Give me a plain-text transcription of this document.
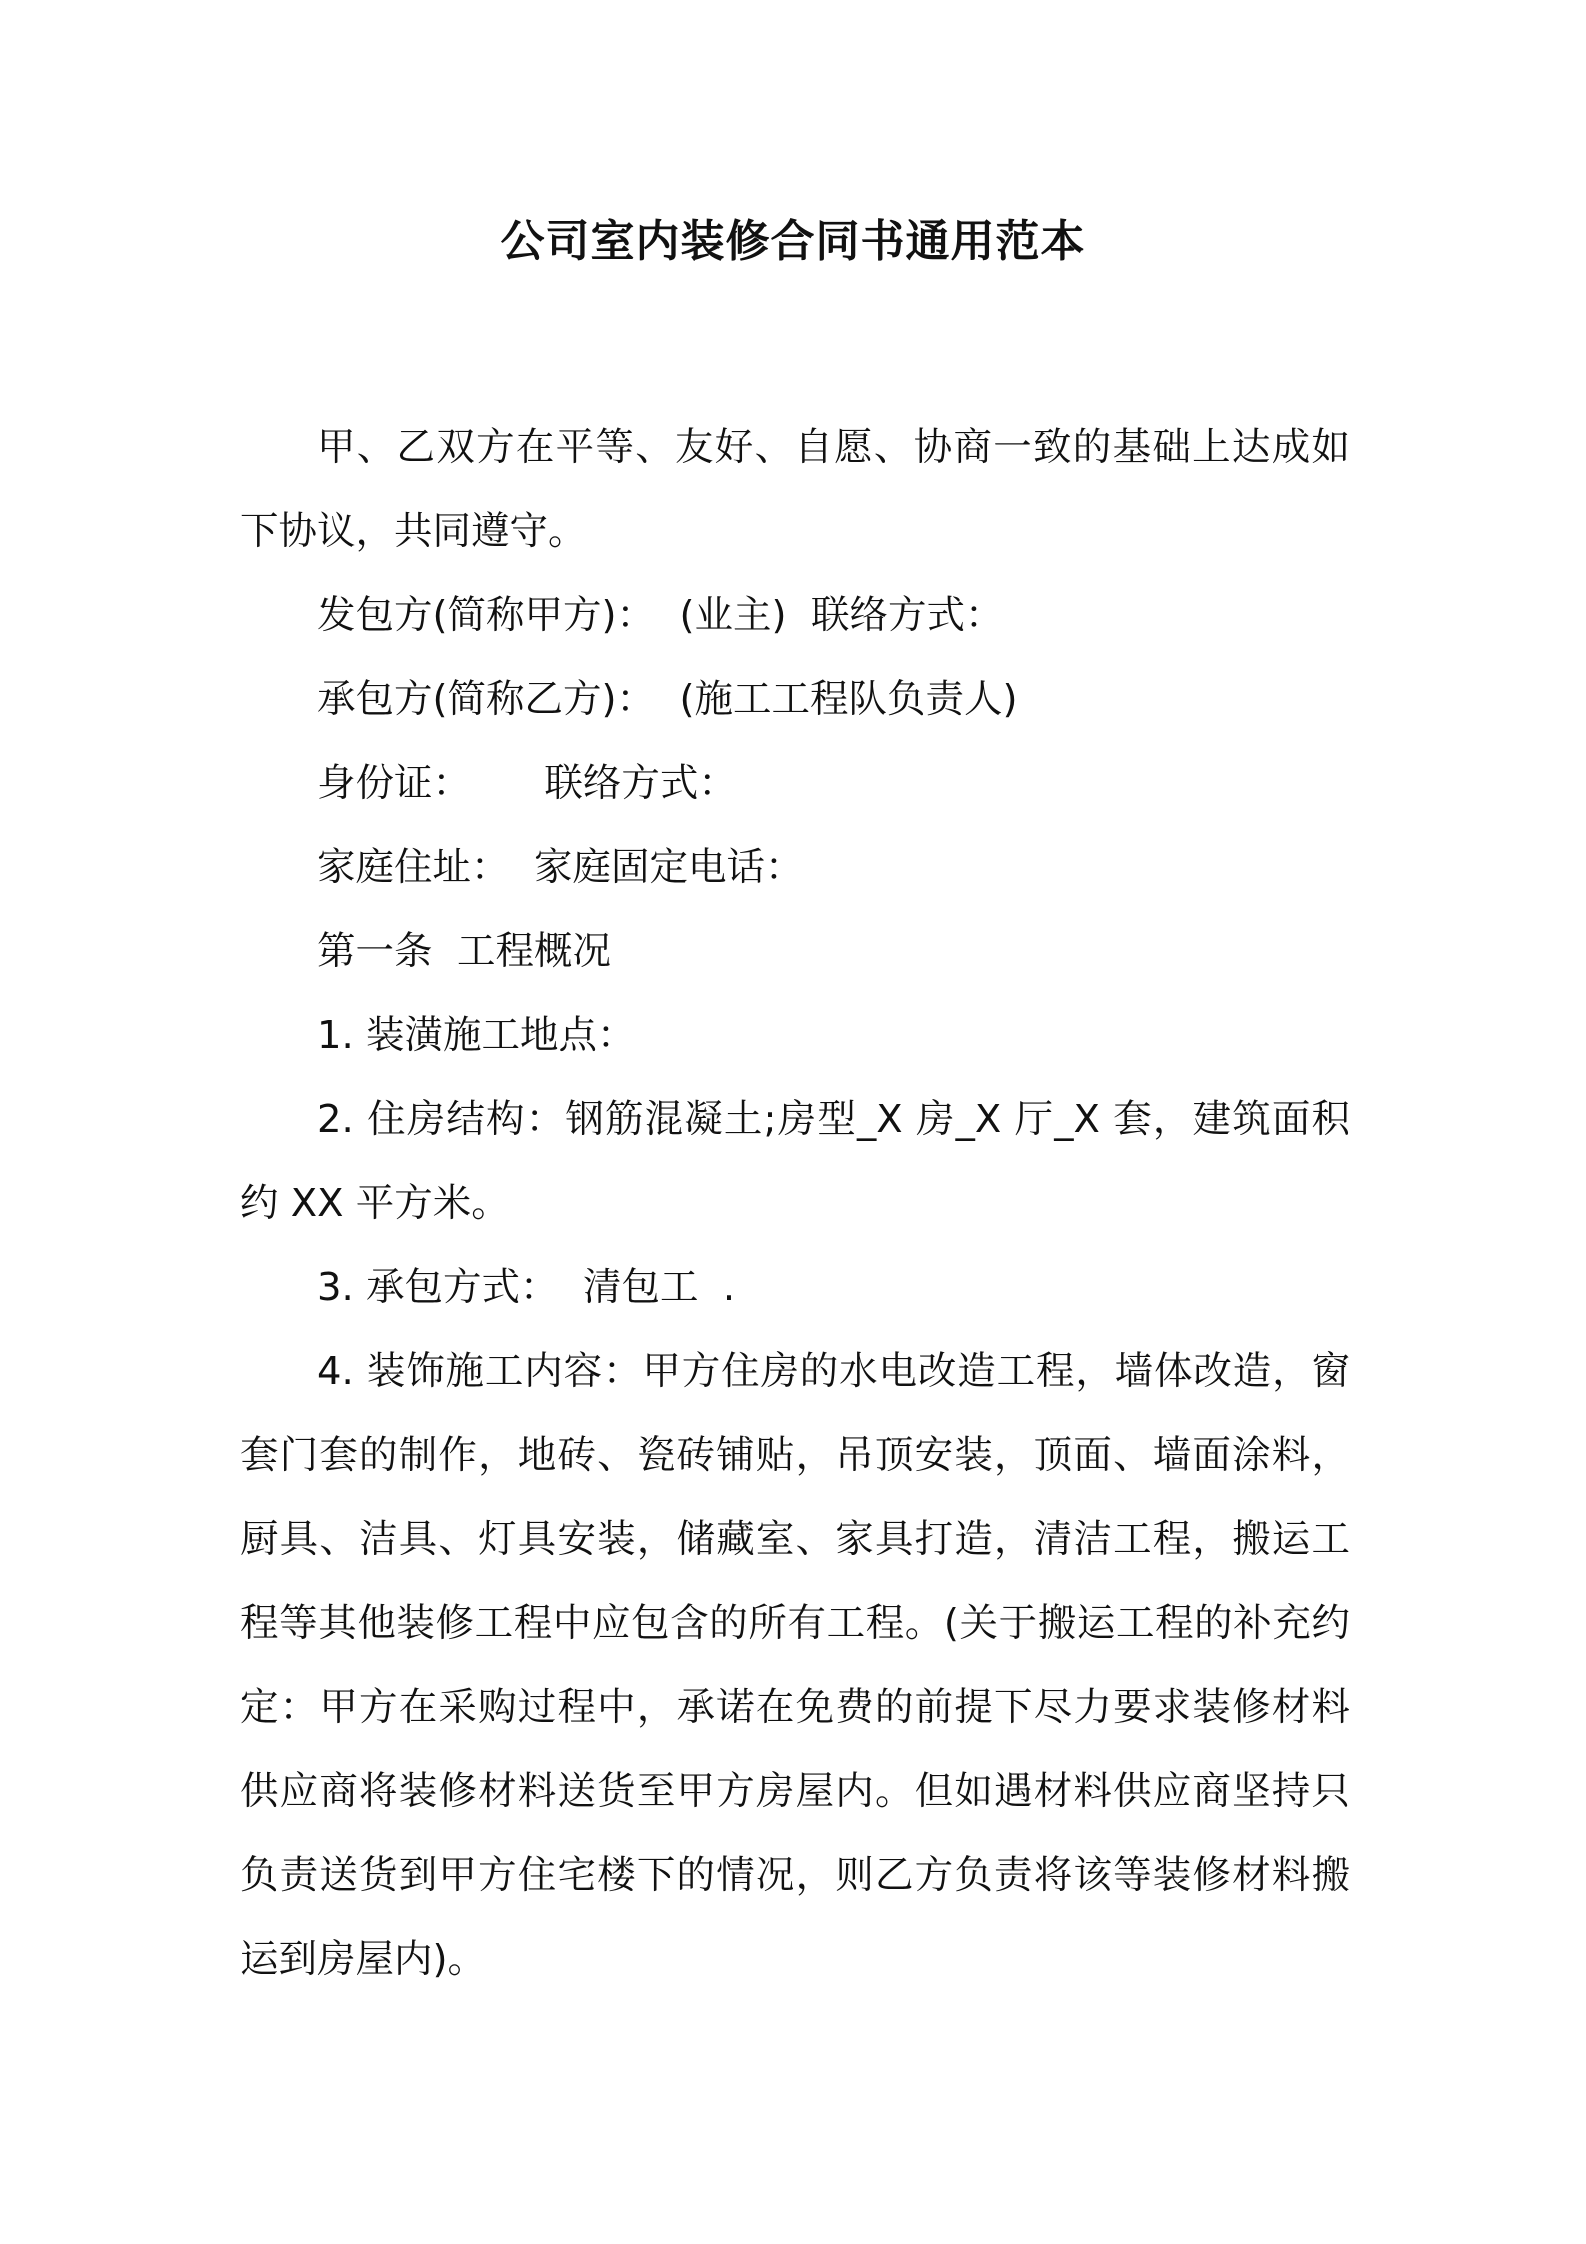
公司室内装修合同书通用范本

甲、乙双方在平等、友好、自愿、协商一致的基础上达成如下协议，共同遵守。

发包方(简称甲方)：  (业主)  联络方式：
承包方(简称乙方)：  (施工工程队负责人)
身份证：      联络方式：
家庭住址：  家庭固定电话：
第一条  工程概况
1. 装潢施工地点：

2. 住房结构：钢筋混凝土;房型_X 房_X 厅_X 套，建筑面积约 XX 平方米。

3. 承包方式：  清包工  .

4. 装饰施工内容：甲方住房的水电改造工程，墙体改造，窗套门套的制作，地砖、瓷砖铺贴，吊顶安装，顶面、墙面涂料，厨具、洁具、灯具安装，储藏室、家具打造，清洁工程，搬运工程等其他装修工程中应包含的所有工程。(关于搬运工程的补充约定：甲方在采购过程中，承诺在免费的前提下尽力要求装修材料供应商将装修材料送货至甲方房屋内。但如遇材料供应商坚持只负责送货到甲方住宅楼下的情况，则乙方负责将该等装修材料搬运到房屋内)。
